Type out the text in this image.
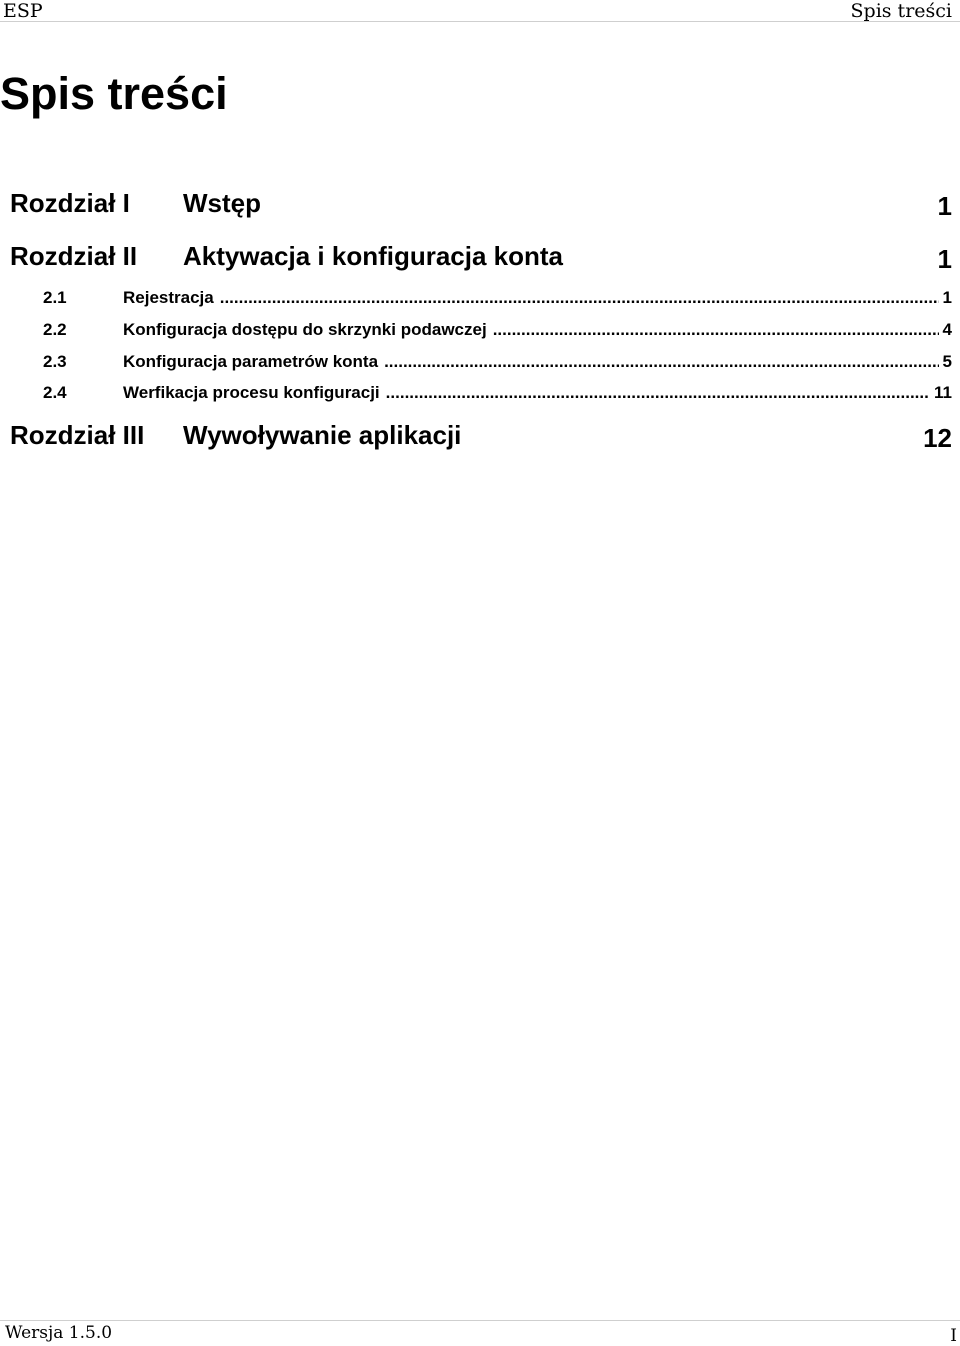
ESP	Spis treści
Spis treści
Rozdział I Wstęp	1
Rozdział II Aktywacja i konfiguracja konta	1
2.1	Rejestracja .....	1
2.2	Konfiguracja dostępu do skrzynki podawczej .....	4
2.3	Konfiguracja parametrów konta .....	5
2.4	Werfikacja procesu konfiguracji .....	11
Rozdział III Wywoływanie aplikacji	12
Wersja 1.5.0	I
